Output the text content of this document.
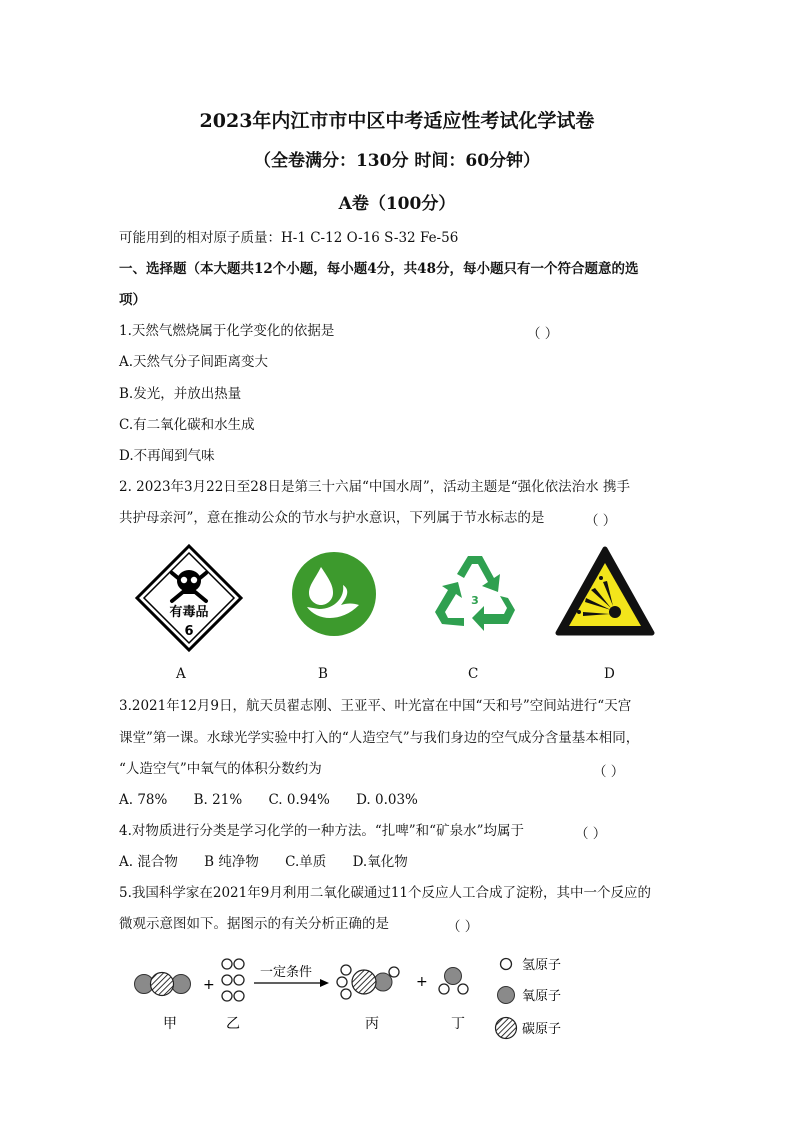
2023年内江市市中区中考适应性考试化学试卷
（全卷满分：130分 时间：60分钟）
A卷（100分）
可能用到的相对原子质量：H-1 C-12 O-16 S-32 Fe-56
一、选择题（本大题共12个小题，每小题4分，共48分，每小题只有一个符合题意的选
项）
1.天然气燃烧属于化学变化的依据是	（ ）
A.天然气分子间距离变大
B.发光，并放出热量
C.有二氧化碳和水生成
D.不再闻到气味
2. 2023年3月22日至28日是第三十六届“中国水周”，活动主题是“强化依法治水 携手
共护母亲河”，意在推动公众的节水与护水意识，下列属于节水标志的是	（ ）
有毒品
6
3
A	B	C	D
3.2021年12月9日，航天员翟志刚、王亚平、叶光富在中国“天和号”空间站进行“天宫
课堂”第一课。水球光学实验中打入的“人造空气”与我们身边的空气成分含量基本相同，
“人造空气”中氧气的体积分数约为	（ ）
A. 78% B. 21% C. 0.94% D. 0.03%
4.对物质进行分类是学习化学的一种方法。“扎啤”和“矿泉水”均属于	（ ）
A. 混合物 B 纯净物 C.单质 D.氧化物
5.我国科学家在2021年9月利用二氧化碳通过11个反应人工合成了淀粉，其中一个反应的
微观示意图如下。据图示的有关分析正确的是	（ ）
+
一定条件
+
甲	乙	丙	丁
氢原子
氧原子
碳原子
